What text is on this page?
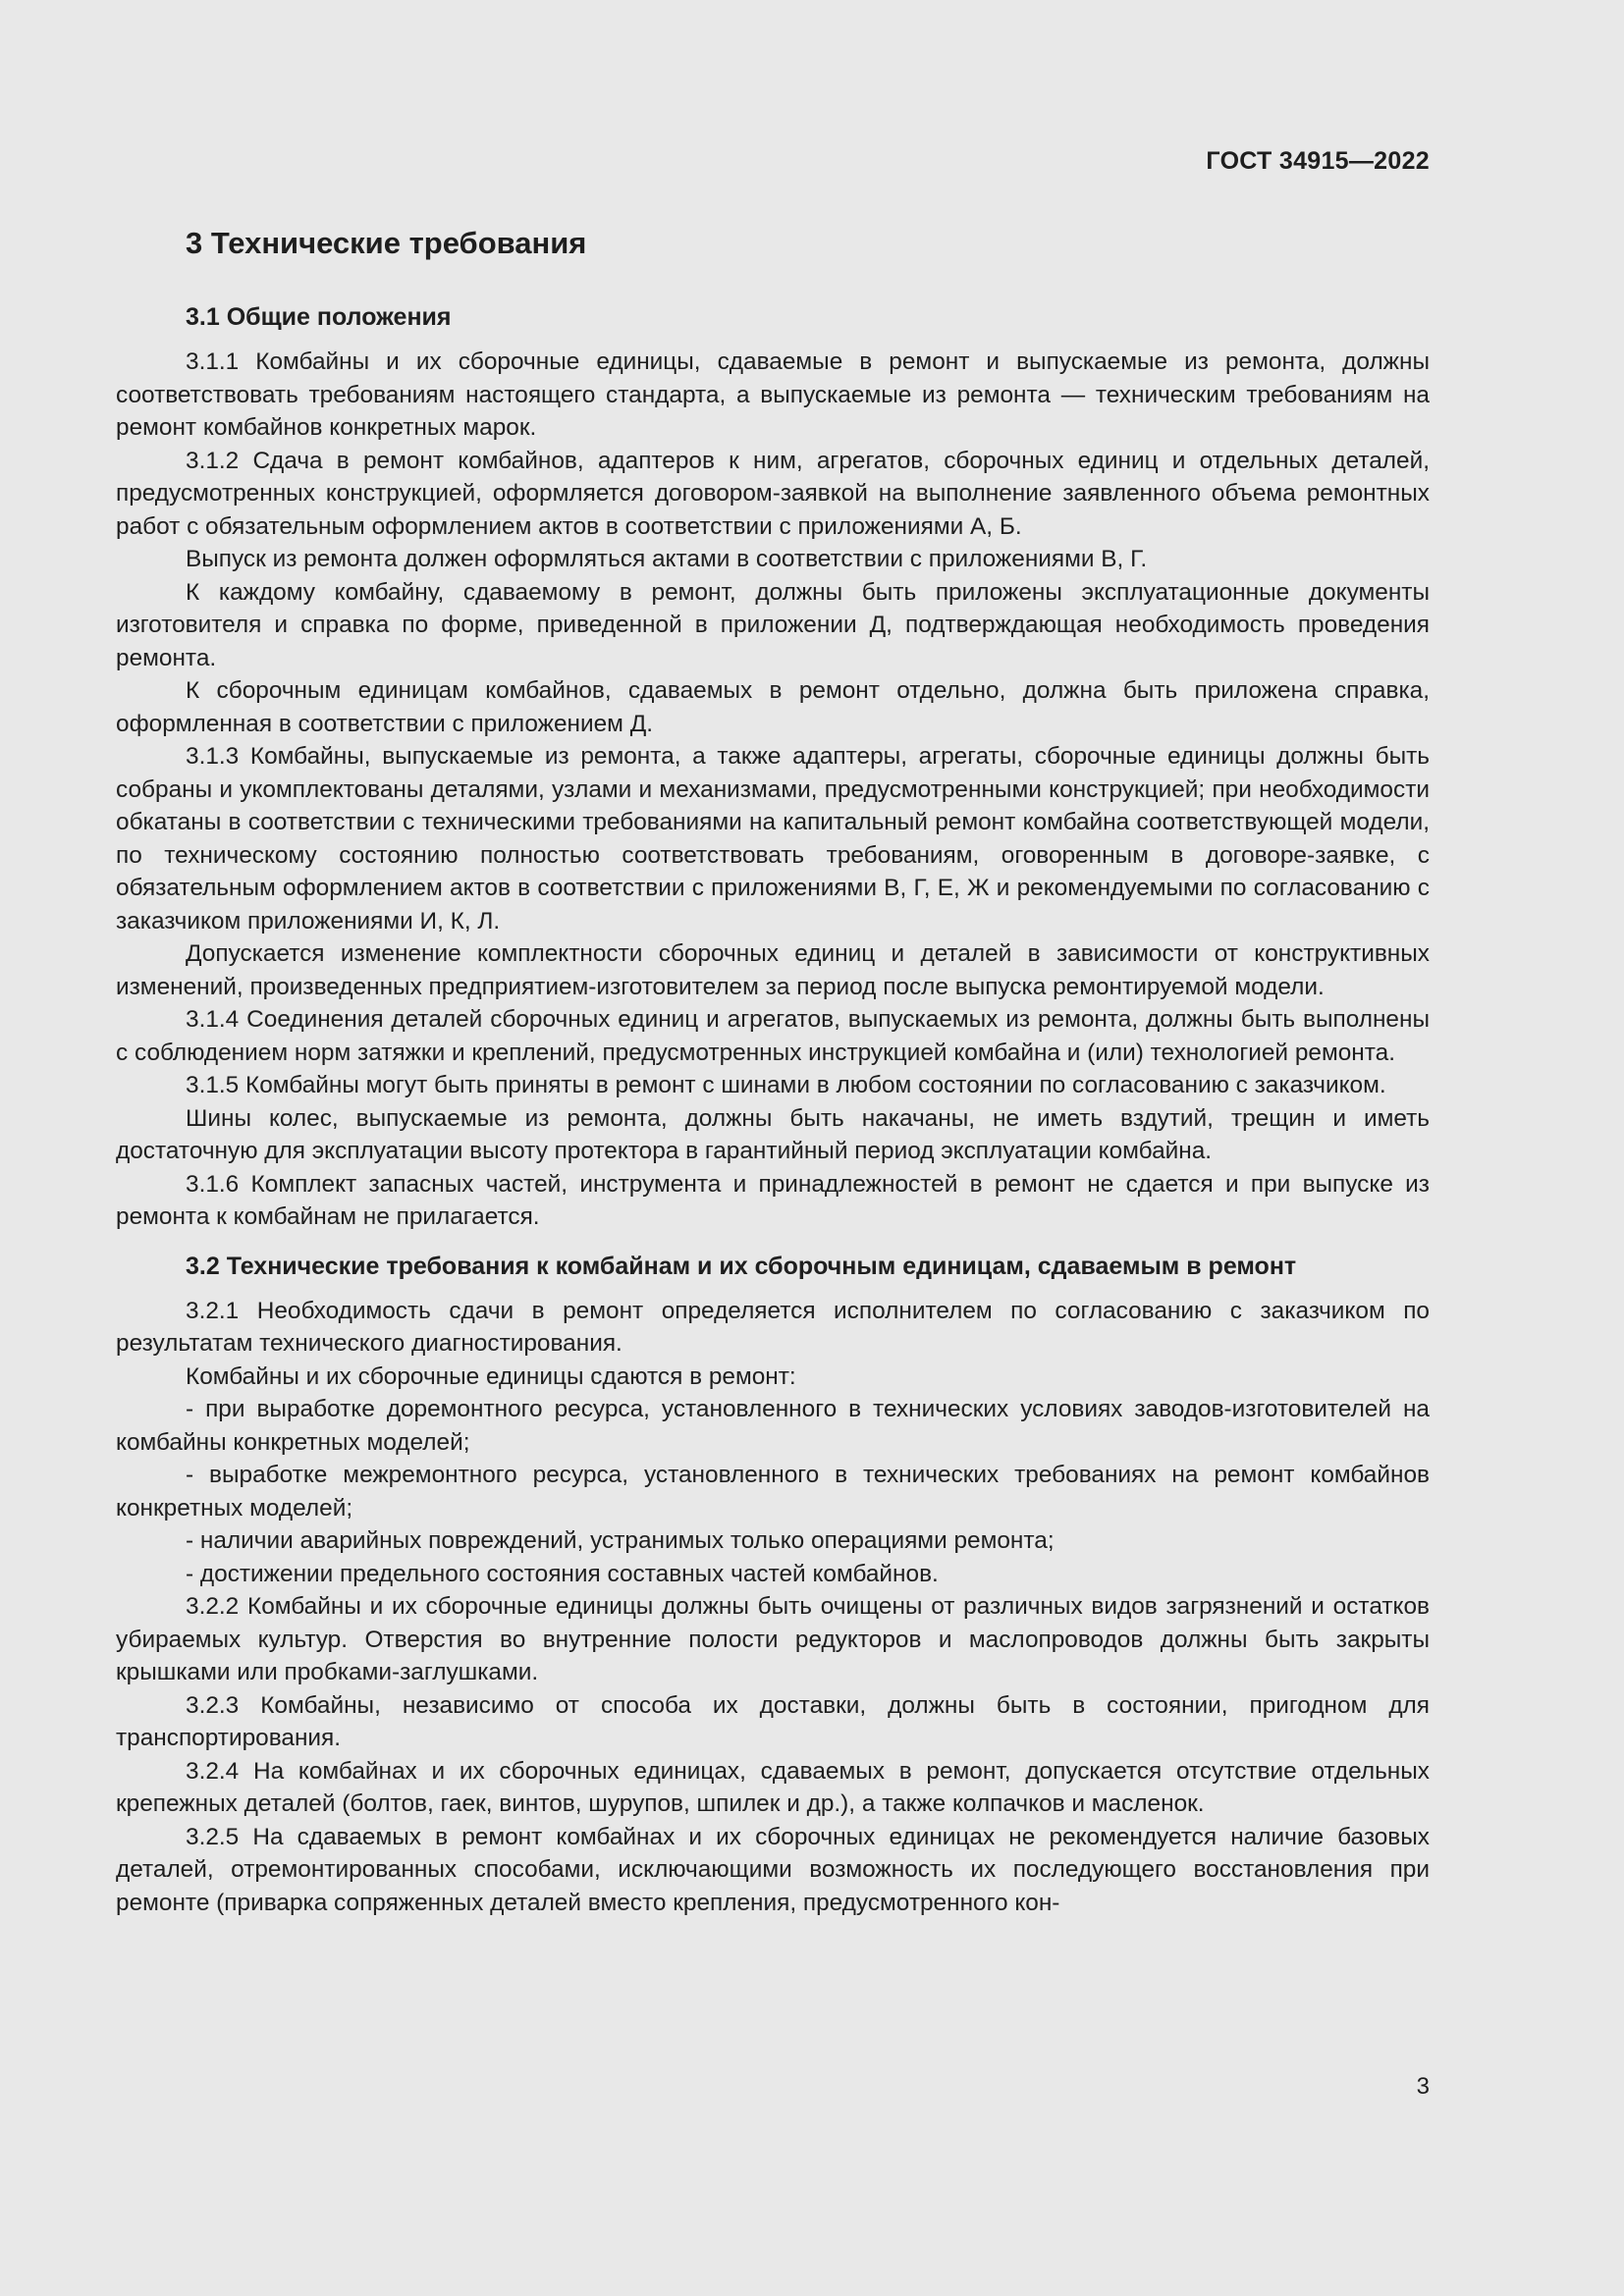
ГОСТ 34915—2022

3 Технические требования
3.1 Общие положения

3.1.1 Комбайны и их сборочные единицы, сдаваемые в ремонт и выпускаемые из ремонта, должны соответствовать требованиям настоящего стандарта, а выпускаемые из ремонта — техническим требованиям на ремонт комбайнов конкретных марок.

3.1.2 Сдача в ремонт комбайнов, адаптеров к ним, агрегатов, сборочных единиц и отдельных деталей, предусмотренных конструкцией, оформляется договором-заявкой на выполнение заявленного объема ремонтных работ с обязательным оформлением актов в соответствии с приложениями А, Б.

Выпуск из ремонта должен оформляться актами в соответствии с приложениями В, Г.

К каждому комбайну, сдаваемому в ремонт, должны быть приложены эксплуатационные документы изготовителя и справка по форме, приведенной в приложении Д, подтверждающая необходимость проведения ремонта.

К сборочным единицам комбайнов, сдаваемых в ремонт отдельно, должна быть приложена справка, оформленная в соответствии с приложением Д.

3.1.3 Комбайны, выпускаемые из ремонта, а также адаптеры, агрегаты, сборочные единицы должны быть собраны и укомплектованы деталями, узлами и механизмами, предусмотренными конструкцией; при необходимости обкатаны в соответствии с техническими требованиями на капитальный ремонт комбайна соответствующей модели, по техническому состоянию полностью соответствовать требованиям, оговоренным в договоре-заявке, с обязательным оформлением актов в соответствии с приложениями В, Г, Е, Ж и рекомендуемыми по согласованию с заказчиком приложениями И, К, Л.

Допускается изменение комплектности сборочных единиц и деталей в зависимости от конструктивных изменений, произведенных предприятием-изготовителем за период после выпуска ремонтируемой модели.

3.1.4 Соединения деталей сборочных единиц и агрегатов, выпускаемых из ремонта, должны быть выполнены с соблюдением норм затяжки и креплений, предусмотренных инструкцией комбайна и (или) технологией ремонта.

3.1.5 Комбайны могут быть приняты в ремонт с шинами в любом состоянии по согласованию с заказчиком.

Шины колес, выпускаемые из ремонта, должны быть накачаны, не иметь вздутий, трещин и иметь достаточную для эксплуатации высоту протектора в гарантийный период эксплуатации комбайна.

3.1.6 Комплект запасных частей, инструмента и принадлежностей в ремонт не сдается и при выпуске из ремонта к комбайнам не прилагается.

3.2 Технические требования к комбайнам и их сборочным единицам, сдаваемым в ремонт

3.2.1 Необходимость сдачи в ремонт определяется исполнителем по согласованию с заказчиком по результатам технического диагностирования.

Комбайны и их сборочные единицы сдаются в ремонт:

- при выработке доремонтного ресурса, установленного в технических условиях заводов-изготовителей на комбайны конкретных моделей;

- выработке межремонтного ресурса, установленного в технических требованиях на ремонт комбайнов конкретных моделей;

- наличии аварийных повреждений, устранимых только операциями ремонта;

- достижении предельного состояния составных частей комбайнов.

3.2.2 Комбайны и их сборочные единицы должны быть очищены от различных видов загрязнений и остатков убираемых культур. Отверстия во внутренние полости редукторов и маслопроводов должны быть закрыты крышками или пробками-заглушками.

3.2.3 Комбайны, независимо от способа их доставки, должны быть в состоянии, пригодном для транспортирования.

3.2.4 На комбайнах и их сборочных единицах, сдаваемых в ремонт, допускается отсутствие отдельных крепежных деталей (болтов, гаек, винтов, шурупов, шпилек и др.), а также колпачков и масленок.

3.2.5 На сдаваемых в ремонт комбайнах и их сборочных единицах не рекомендуется наличие базовых деталей, отремонтированных способами, исключающими возможность их последующего восстановления при ремонте (приварка сопряженных деталей вместо крепления, предусмотренного кон-

3
